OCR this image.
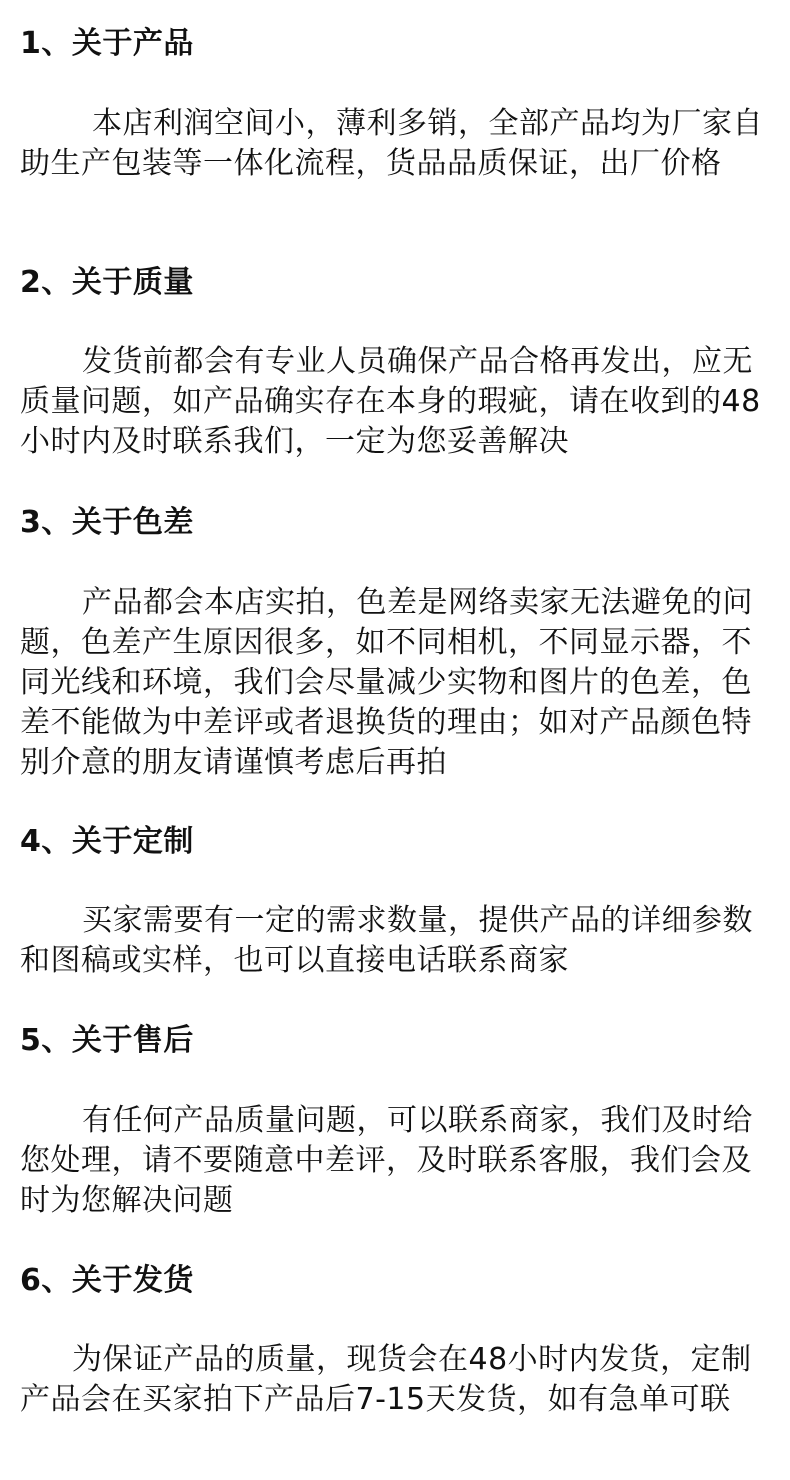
1、关于产品

本店利润空间小，薄利多销，全部产品均为厂家自助生产包装等一体化流程，货品品质保证，出厂价格

2、关于质量

发货前都会有专业人员确保产品合格再发出，应无质量问题，如产品确实存在本身的瑕疵，请在收到的48小时内及时联系我们，一定为您妥善解决

3、关于色差

产品都会本店实拍，色差是网络卖家无法避免的问题，色差产生原因很多，如不同相机，不同显示器，不同光线和环境，我们会尽量减少实物和图片的色差，色差不能做为中差评或者退换货的理由；如对产品颜色特别介意的朋友请谨慎考虑后再拍

4、关于定制

买家需要有一定的需求数量，提供产品的详细参数和图稿或实样，也可以直接电话联系商家

5、关于售后

有任何产品质量问题，可以联系商家，我们及时给您处理，请不要随意中差评，及时联系客服，我们会及时为您解决问题

6、关于发货

为保证产品的质量，现货会在48小时内发货，定制产品会在买家拍下产品后7-15天发货，如有急单可联
